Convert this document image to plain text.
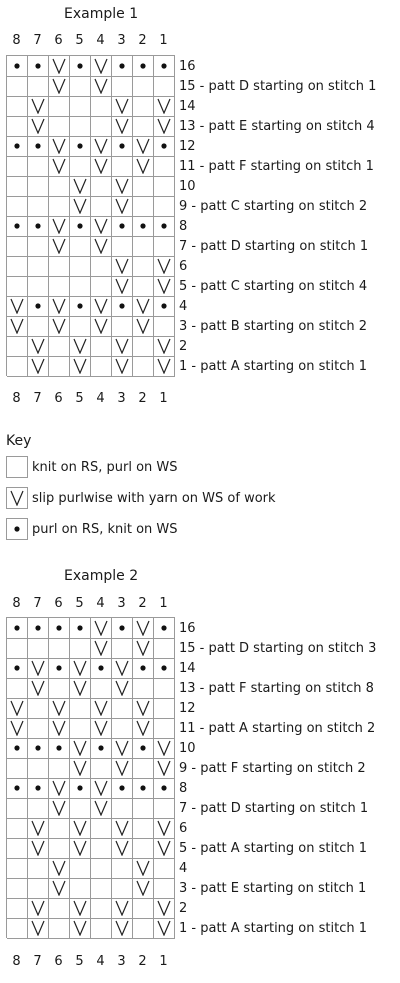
Example 1
8 7 6 5 4 3 2 1
16
15 - patt D starting on stitch 1
14
13 - patt E starting on stitch 4
12
11 - patt F starting on stitch 1
10
9 - patt C starting on stitch 2
8
7 - patt D starting on stitch 1
6
5 - patt C starting on stitch 4
4
3 - patt B starting on stitch 2
2
1 - patt A starting on stitch 1
8 7 6 5 4 3 2 1
Key
knit on RS, purl on WS
slip purlwise with yarn on WS of work
purl on RS, knit on WS
Example 2
8 7 6 5 4 3 2 1
16
15 - patt D starting on stitch 3
14
13 - patt F starting on stitch 8
12
11 - patt A starting on stitch 2
10
9 - patt F starting on stitch 2
8
7 - patt D starting on stitch 1
6
5 - patt A starting on stitch 1
4
3 - patt E starting on stitch 1
2
1 - patt A starting on stitch 1
8 7 6 5 4 3 2 1
